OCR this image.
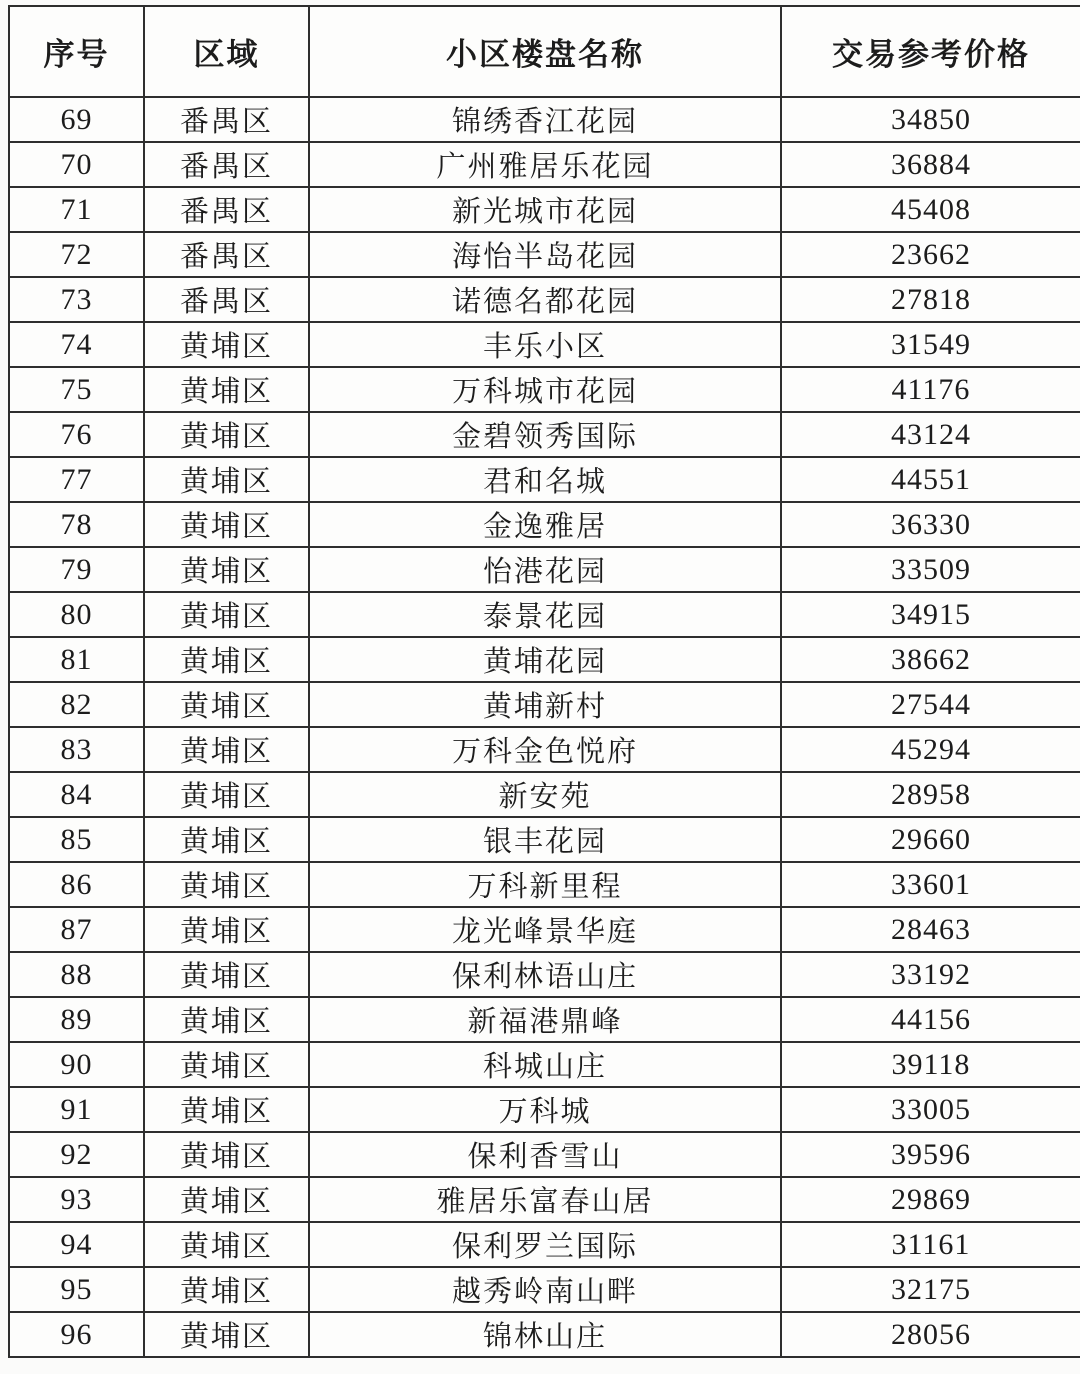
序号	区域	小区楼盘名称	交易参考价格
69	番禺区	锦绣香江花园	34850
70	番禺区	广州雅居乐花园	36884
71	番禺区	新光城市花园	45408
72	番禺区	海怡半岛花园	23662
73	番禺区	诺德名都花园	27818
74	黄埔区	丰乐小区	31549
75	黄埔区	万科城市花园	41176
76	黄埔区	金碧领秀国际	43124
77	黄埔区	君和名城	44551
78	黄埔区	金逸雅居	36330
79	黄埔区	怡港花园	33509
80	黄埔区	泰景花园	34915
81	黄埔区	黄埔花园	38662
82	黄埔区	黄埔新村	27544
83	黄埔区	万科金色悦府	45294
84	黄埔区	新安苑	28958
85	黄埔区	银丰花园	29660
86	黄埔区	万科新里程	33601
87	黄埔区	龙光峰景华庭	28463
88	黄埔区	保利林语山庄	33192
89	黄埔区	新福港鼎峰	44156
90	黄埔区	科城山庄	39118
91	黄埔区	万科城	33005
92	黄埔区	保利香雪山	39596
93	黄埔区	雅居乐富春山居	29869
94	黄埔区	保利罗兰国际	31161
95	黄埔区	越秀岭南山畔	32175
96	黄埔区	锦林山庄	28056
